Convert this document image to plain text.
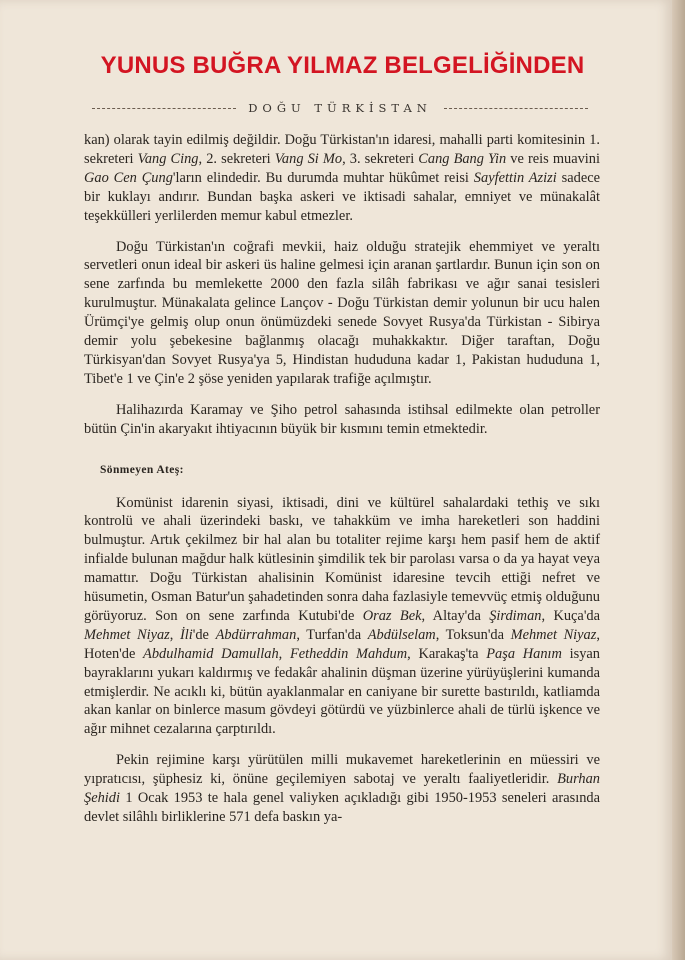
YUNUS BUĞRA YILMAZ BELGELİĞİNDEN
DOĞU TÜRKİSTAN

kan) olarak tayin edilmiş değildir. Doğu Türkistan'ın idaresi, mahalli parti komitesinin 1. sekreteri Vang Cing, 2. sekreteri Vang Si Mo, 3. sekreteri Cang Bang Yin ve reis muavini Gao Cen Çung'ların elindedir. Bu durumda muhtar hükûmet reisi Sayfettin Azizi sadece bir kuklayı andırır. Bundan başka askeri ve iktisadi sahalar, emniyet ve münakalât teşekkülleri yerlilerden memur kabul etmezler.

Doğu Türkistan'ın coğrafi mevkii, haiz olduğu stratejik ehemmiyet ve yeraltı servetleri onun ideal bir askeri üs haline gelmesi için aranan şartlardır. Bunun için son on sene zarfında bu memlekette 2000 den fazla silâh fabrikası ve ağır sanai tesisleri kurulmuştur. Münakalata gelince Lançov - Doğu Türkistan demir yolunun bir ucu halen Ürümçi'ye gelmiş olup onun önümüzdeki senede Sovyet Rusya'da Türkistan - Sibirya demir yolu şebekesine bağlanmış olacağı muhakkaktır. Diğer taraftan, Doğu Türkisyan'dan Sovyet Rusya'ya 5, Hindistan hududuna kadar 1, Pakistan hududuna 1, Tibet'e 1 ve Çin'e 2 şöse yeniden yapılarak trafiğe açılmıştır.

Halihazırda Karamay ve Şiho petrol sahasında istihsal edilmekte olan petroller bütün Çin'in akaryakıt ihtiyacının büyük bir kısmını temin etmektedir.

Sönmeyen Ateş:

Komünist idarenin siyasi, iktisadi, dini ve kültürel sahalardaki tethiş ve sıkı kontrolü ve ahali üzerindeki baskı, ve tahakküm ve imha hareketleri son haddini bulmuştur. Artık çekilmez bir hal alan bu totaliter rejime karşı hem pasif hem de aktif infialde bulunan mağdur halk kütlesinin şimdilik tek bir parolası varsa o da ya hayat veya mamattır. Doğu Türkistan ahalisinin Komünist idaresine tevcih ettiği nefret ve hüsumetin, Osman Batur'un şahadetinden sonra daha fazlasiyle temevvüç etmiş olduğunu görüyoruz. Son on sene zarfında Kutubi'de Oraz Bek, Altay'da Şirdiman, Kuça'da Mehmet Niyaz, İli'de Abdürrahman, Turfan'da Abdülselam, Toksun'da Mehmet Niyaz, Hoten'de Abdulhamid Damullah, Fetheddin Mahdum, Karakaş'ta Paşa Hanım isyan bayraklarını yukarı kaldırmış ve fedakâr ahalinin düşman üzerine yürüyüşlerini kumanda etmişlerdir. Ne acıklı ki, bütün ayaklanmalar en caniyane bir surette bastırıldı, katliamda akan kanlar on binlerce masum gövdeyi götürdü ve yüzbinlerce ahali de türlü işkence ve ağır mihnet cezalarına çarptırıldı.

Pekin rejimine karşı yürütülen milli mukavemet hareketlerinin en müessiri ve yıpratıcısı, şüphesiz ki, önüne geçilemiyen sabotaj ve yeraltı faaliyetleridir. Burhan Şehidi 1 Ocak 1953 te hala genel valiyken açıkladığı gibi 1950-1953 seneleri arasında devlet silâhlı birliklerine 571 defa baskın ya-
